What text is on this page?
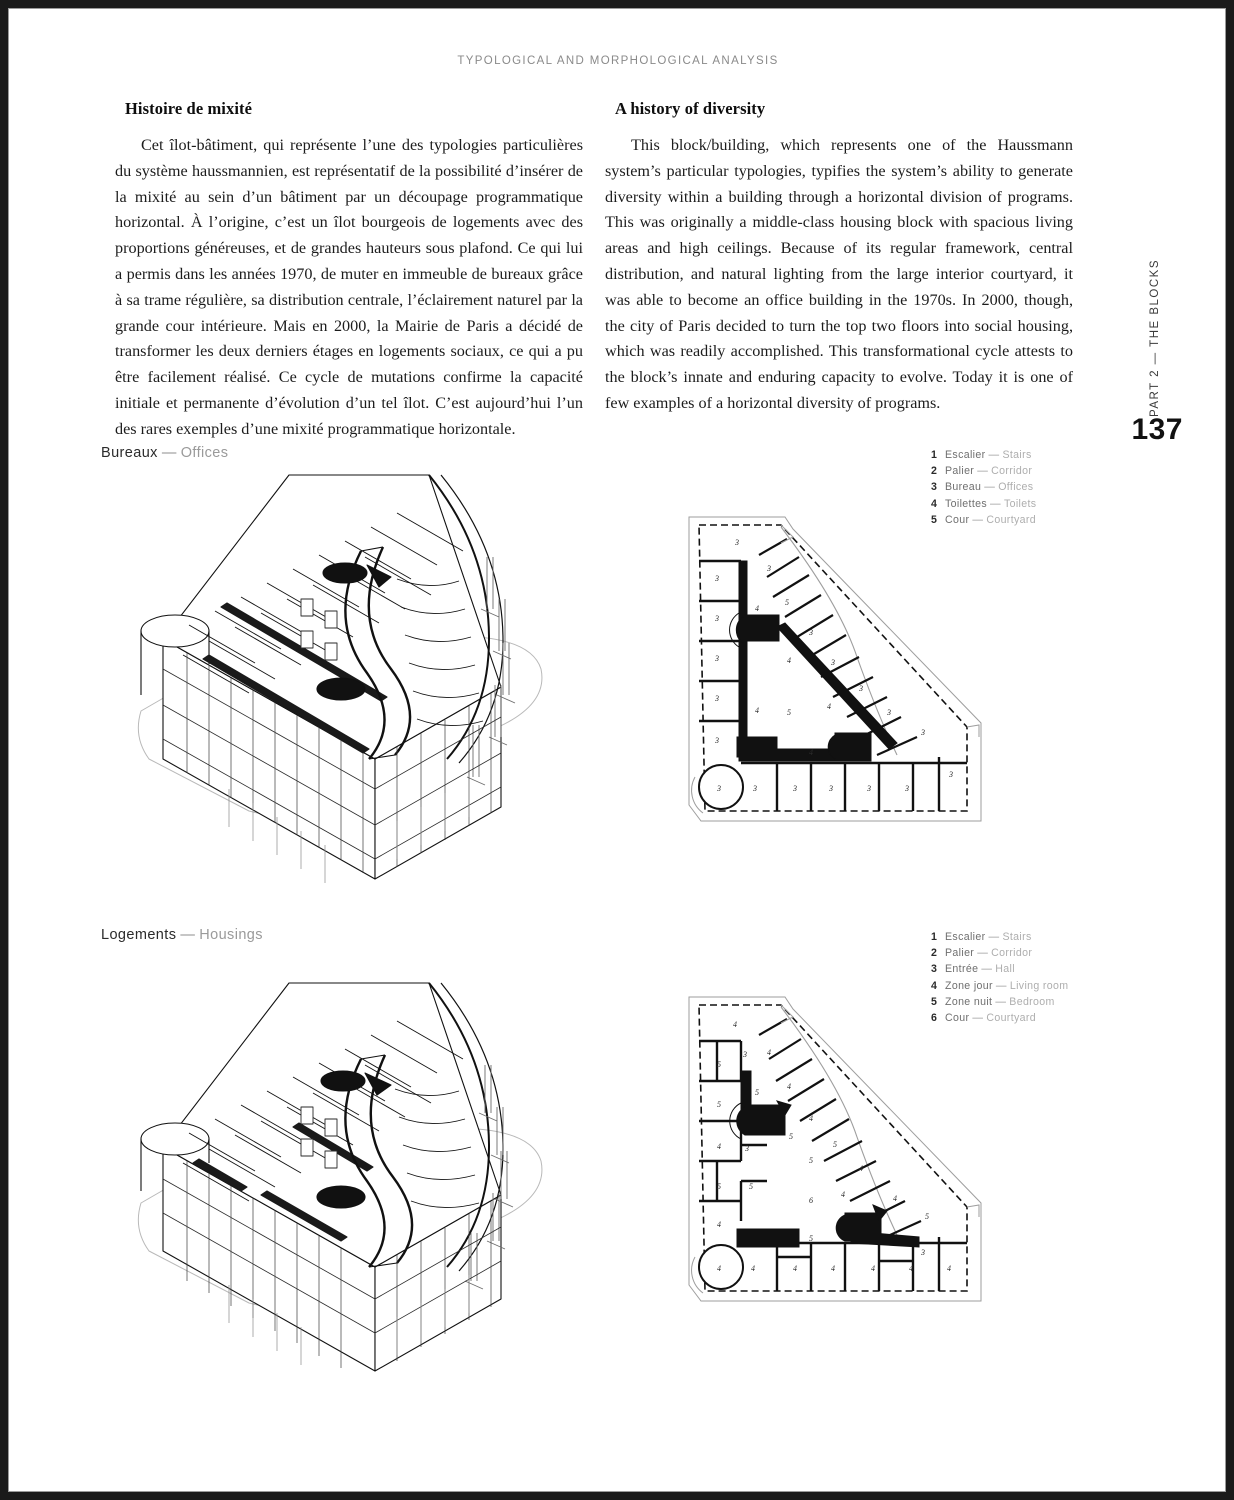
TYPOLOGICAL AND MORPHOLOGICAL ANALYSIS
PART 2 — THE BLOCKS
137
Histoire de mixité

Cet îlot-bâtiment, qui représente l’une des typologies particulières du système haussmannien, est représentatif de la possibilité d’insérer de la mixité au sein d’un bâtiment par un découpage programmatique horizontal. À l’origine, c’est un îlot bourgeois de logements avec des proportions généreuses, et de grandes hauteurs sous plafond. Ce qui lui a permis dans les années 1970, de muter en immeuble de bureaux grâce à sa trame régulière, sa distribution centrale, l’éclairement naturel par la grande cour intérieure. Mais en 2000, la Mairie de Paris a décidé de transformer les deux derniers étages en logements sociaux, ce qui a pu être facilement réalisé. Ce cycle de mutations confirme la capacité initiale et permanente d’évolution d’un tel îlot. C’est aujourd’hui l’un des rares exemples d’une mixité programmatique horizontale.

A history of diversity

This block/building, which represents one of the Haussmann system’s particular typologies, typifies the system’s ability to generate diversity within a building through a horizontal division of programs. This was originally a middle-class housing block with spacious living areas and high ceilings. Because of its regular framework, central distribution, and natural lighting from the large interior courtyard, it was able to become an office building in the 1970s. In 2000, though, the city of Paris decided to turn the top two floors into social housing, which was readily accomplished. This transformational cycle attests to the block’s innate and enduring capacity to evolve. Today it is one of few examples of a horizontal diversity of programs.

Bureaux — Offices	1 Escalier — Stairs
2 Palier — Corridor
3 Bureau — Offices
4 Toilettes — Toilets
5 Cour — Courtyard
3
3
3
3
3
3
3	3	3	3	3	3
3
3
5
3
3
3
3
3
4
4
4	4
4
5
Logements — Housings	1 Escalier — Stairs
2 Palier — Corridor
3 Entrée — Hall
4 Zone jour — Living room
5 Zone nuit — Bedroom
6 Cour — Courtyard
4
5
5
4
5
4
4	4	4	4	4	4	4
3	4
5
4
4
5
3
5
5
5
4
4	4
5
6
5
3
